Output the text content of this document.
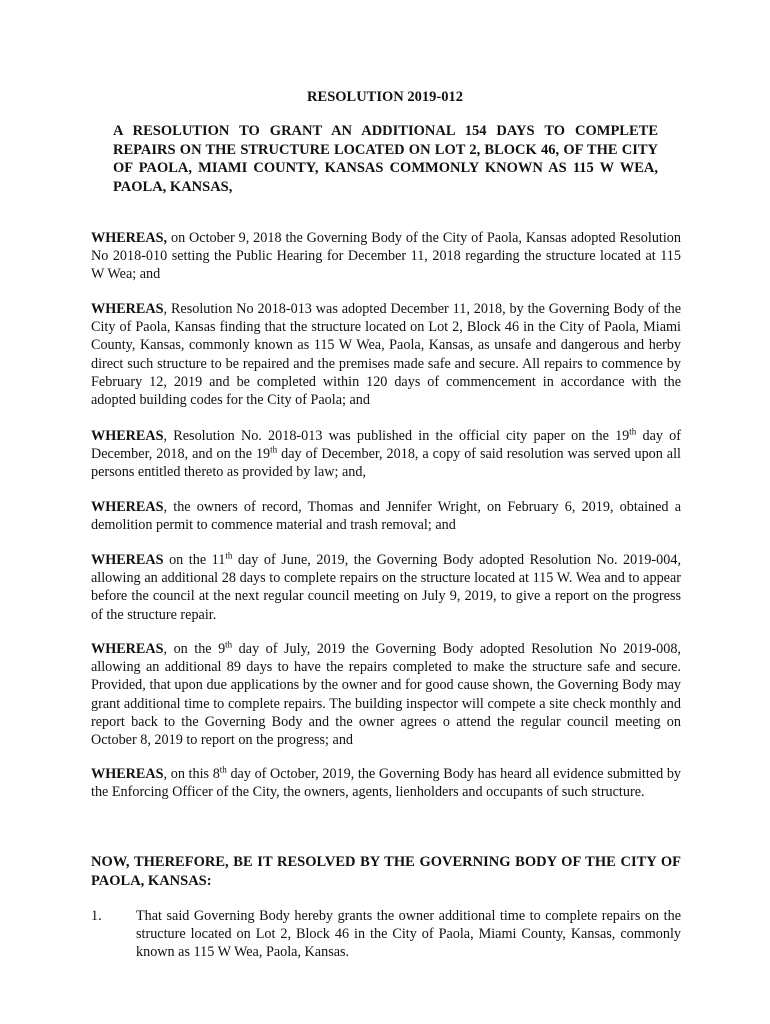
RESOLUTION 2019-012
A RESOLUTION TO GRANT AN ADDITIONAL 154 DAYS TO COMPLETE REPAIRS ON THE STRUCTURE LOCATED ON LOT 2, BLOCK 46, OF THE CITY OF PAOLA, MIAMI COUNTY, KANSAS COMMONLY KNOWN AS 115 W WEA, PAOLA, KANSAS,
WHEREAS, on October 9, 2018 the Governing Body of the City of Paola, Kansas adopted Resolution No 2018-010 setting the Public Hearing for December 11, 2018 regarding the structure located at 115 W Wea; and
WHEREAS, Resolution No 2018-013 was adopted December 11, 2018, by the Governing Body of the City of Paola, Kansas finding that the structure located on Lot 2, Block 46 in the City of Paola, Miami County, Kansas, commonly known as 115 W Wea, Paola, Kansas, as unsafe and dangerous and herby direct such structure to be repaired and the premises made safe and secure. All repairs to commence by February 12, 2019 and be completed within 120 days of commencement in accordance with the adopted building codes for the City of Paola; and
WHEREAS, Resolution No. 2018-013 was published in the official city paper on the 19th day of December, 2018, and on the 19th day of December, 2018, a copy of said resolution was served upon all persons entitled thereto as provided by law; and,
WHEREAS, the owners of record, Thomas and Jennifer Wright, on February 6, 2019, obtained a demolition permit to commence material and trash removal; and
WHEREAS on the 11th day of June, 2019, the Governing Body adopted Resolution No. 2019-004, allowing an additional 28 days to complete repairs on the structure located at 115 W. Wea and to appear before the council at the next regular council meeting on July 9, 2019, to give a report on the progress of the structure repair.
WHEREAS, on the 9th day of July, 2019 the Governing Body adopted Resolution No 2019-008, allowing an additional 89 days to have the repairs completed to make the structure safe and secure. Provided, that upon due applications by the owner and for good cause shown, the Governing Body may grant additional time to complete repairs. The building inspector will compete a site check monthly and report back to the Governing Body and the owner agrees o attend the regular council meeting on October 8, 2019 to report on the progress; and
WHEREAS, on this 8th day of October, 2019, the Governing Body has heard all evidence submitted by the Enforcing Officer of the City, the owners, agents, lienholders and occupants of such structure.
NOW, THEREFORE, BE IT RESOLVED BY THE GOVERNING BODY OF THE CITY OF PAOLA, KANSAS:
1.	That said Governing Body hereby grants the owner additional time to complete repairs on the structure located on Lot 2, Block 46 in the City of Paola, Miami County, Kansas, commonly known as 115 W Wea, Paola, Kansas.
